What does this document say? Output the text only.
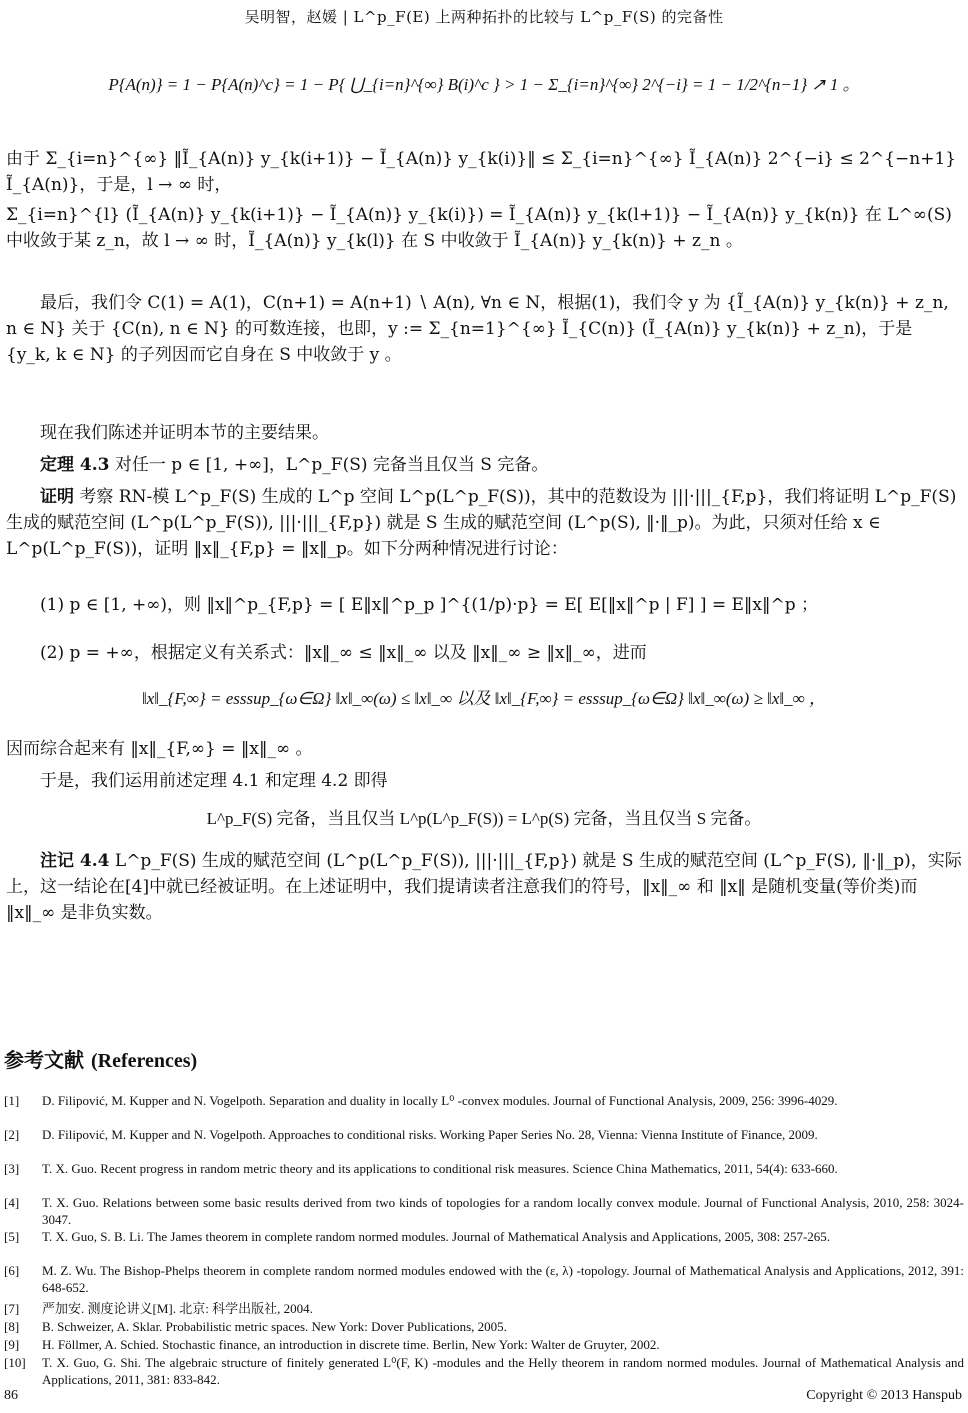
吴明智，赵媛 | L^p_F(E) 上两种拓扑的比较与 L^p_F(S) 的完备性
P{A(n)} = 1 − P{A(n)^c} = 1 − P{ ⋃_{i=n}^{∞} B(i)^c } > 1 − Σ_{i=n}^{∞} 2^{−i} = 1 − 1/2^{n−1} ↗ 1 。
由于 Σ_{i=n}^{∞} ‖Ĩ_{A(n)} y_{k(i+1)} − Ĩ_{A(n)} y_{k(i)}‖ ≤ Σ_{i=n}^{∞} Ĩ_{A(n)} 2^{−i} ≤ 2^{−n+1} Ĩ_{A(n)}，于是，l → ∞ 时，
Σ_{i=n}^{l} (Ĩ_{A(n)} y_{k(i+1)} − Ĩ_{A(n)} y_{k(i)}) = Ĩ_{A(n)} y_{k(l+1)} − Ĩ_{A(n)} y_{k(n)} 在 L^∞(S) 中收敛于某 z_n，故 l → ∞ 时，Ĩ_{A(n)} y_{k(l)} 在 S 中收敛于 Ĩ_{A(n)} y_{k(n)} + z_n 。
最后，我们令 C(1) = A(1)，C(n+1) = A(n+1) ∖ A(n), ∀n ∈ N，根据(1)，我们令 y 为 {Ĩ_{A(n)} y_{k(n)} + z_n, n ∈ N} 关于 {C(n), n ∈ N} 的可数连接，也即，y := Σ_{n=1}^{∞} Ĩ_{C(n)} (Ĩ_{A(n)} y_{k(n)} + z_n)，于是 {y_k, k ∈ N} 的子列因而它自身在 S 中收敛于 y 。
现在我们陈述并证明本节的主要结果。
定理 4.3 对任一 p ∈ [1, +∞]，L^p_F(S) 完备当且仅当 S 完备。
证明 考察 RN-模 L^p_F(S) 生成的 L^p 空间 L^p(L^p_F(S))，其中的范数设为 |||·|||_{F,p}，我们将证明 L^p_F(S) 生成的赋范空间 (L^p(L^p_F(S)), |||·|||_{F,p}) 就是 S 生成的赋范空间 (L^p(S), ‖·‖_p)。为此，只须对任给 x ∈ L^p(L^p_F(S))，证明 ‖x‖_{F,p} = ‖x‖_p。如下分两种情况进行讨论：
(1) p ∈ [1, +∞)，则 ‖x‖^p_{F,p} = [ E‖x‖^p_p ]^{(1/p)·p} = E[ E[‖x‖^p | F] ] = E‖x‖^p ；
(2) p = +∞，根据定义有关系式：‖x‖_∞ ≤ ‖x‖_∞ 以及 ‖x‖_∞ ≥ ‖x‖_∞，进而
‖x‖_{F,∞} = esssup_{ω∈Ω} ‖x‖_∞(ω) ≤ ‖x‖_∞ 以及 ‖x‖_{F,∞} = esssup_{ω∈Ω} ‖x‖_∞(ω) ≥ ‖x‖_∞ ，
因而综合起来有 ‖x‖_{F,∞} = ‖x‖_∞ 。
于是，我们运用前述定理 4.1 和定理 4.2 即得
L^p_F(S) 完备，当且仅当 L^p(L^p_F(S)) = L^p(S) 完备，当且仅当 S 完备。
注记 4.4 L^p_F(S) 生成的赋范空间 (L^p(L^p_F(S)), |||·|||_{F,p}) 就是 S 生成的赋范空间 (L^p_F(S), ‖·‖_p)，实际上，这一结论在[4]中就已经被证明。在上述证明中，我们提请读者注意我们的符号，‖x‖_∞ 和 ‖x‖ 是随机变量(等价类)而 ‖x‖_∞ 是非负实数。
参考文献 (References)
[1] D. Filipović, M. Kupper and N. Vogelpoth. Separation and duality in locally L⁰ -convex modules. Journal of Functional Analysis, 2009, 256: 3996-4029.
[2] D. Filipović, M. Kupper and N. Vogelpoth. Approaches to conditional risks. Working Paper Series No. 28, Vienna: Vienna Institute of Finance, 2009.
[3] T. X. Guo. Recent progress in random metric theory and its applications to conditional risk measures. Science China Mathematics, 2011, 54(4): 633-660.
[4] T. X. Guo. Relations between some basic results derived from two kinds of topologies for a random locally convex module. Journal of Functional Analysis, 2010, 258: 3024-3047.
[5] T. X. Guo, S. B. Li. The James theorem in complete random normed modules. Journal of Mathematical Analysis and Applications, 2005, 308: 257-265.
[6] M. Z. Wu. The Bishop-Phelps theorem in complete random normed modules endowed with the (ε, λ) -topology. Journal of Mathematical Analysis and Applications, 2012, 391: 648-652.
[7] 严加安. 测度论讲义[M]. 北京: 科学出版社, 2004.
[8] B. Schweizer, A. Sklar. Probabilistic metric spaces. New York: Dover Publications, 2005.
[9] H. Föllmer, A. Schied. Stochastic finance, an introduction in discrete time. Berlin, New York: Walter de Gruyter, 2002.
[10] T. X. Guo, G. Shi. The algebraic structure of finitely generated L⁰(F, K) -modules and the Helly theorem in random normed modules. Journal of Mathematical Analysis and Applications, 2011, 381: 833-842.
86	Copyright © 2013 Hanspub
